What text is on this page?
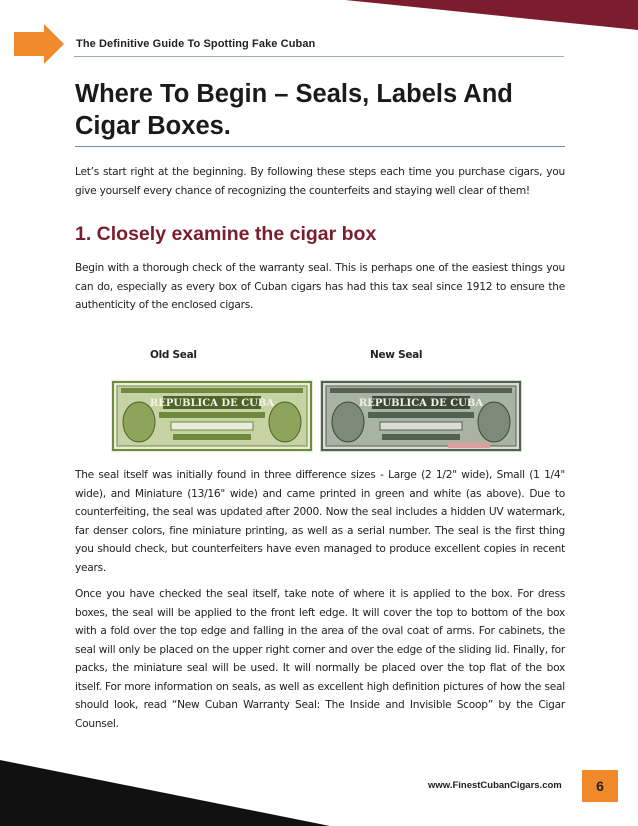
The Definitive Guide To Spotting Fake Cuban
Where To Begin – Seals, Labels And Cigar Boxes.

Let’s start right at the beginning. By following these steps each time you purchase cigars, you give yourself every chance of recognizing the counterfeits and staying well clear of them!

1. Closely examine the cigar box

Begin with a thorough check of the warranty seal. This is perhaps one of the easiest things you can do, especially as every box of Cuban cigars has had this tax seal since 1912 to ensure the authenticity of the enclosed cigars.

Old Seal	New Seal
REPUBLICA DE CUBA	REPUBLICA DE CUBA

The seal itself was initially found in three difference sizes - Large (2 1/2" wide), Small (1 1/4" wide), and Miniature (13/16" wide) and came printed in green and white (as above). Due to counterfeiting, the seal was updated after 2000. Now the seal includes a hidden UV watermark, far denser colors, fine miniature printing, as well as a serial number. The seal is the first thing you should check, but counterfeiters have even managed to produce excellent copies in recent years.

Once you have checked the seal itself, take note of where it is applied to the box. For dress boxes, the seal will be applied to the front left edge. It will cover the top to bottom of the box with a fold over the top edge and falling in the area of the oval coat of arms. For cabinets, the seal will only be placed on the upper right corner and over the edge of the sliding lid. Finally, for packs, the miniature seal will be used. It will normally be placed over the top flat of the box itself. For more information on seals, as well as excellent high definition pictures of how the seal should look, read “New Cuban Warranty Seal: The Inside and Invisible Scoop” by the Cigar Counsel.

www.FinestCubanCigars.com	6
